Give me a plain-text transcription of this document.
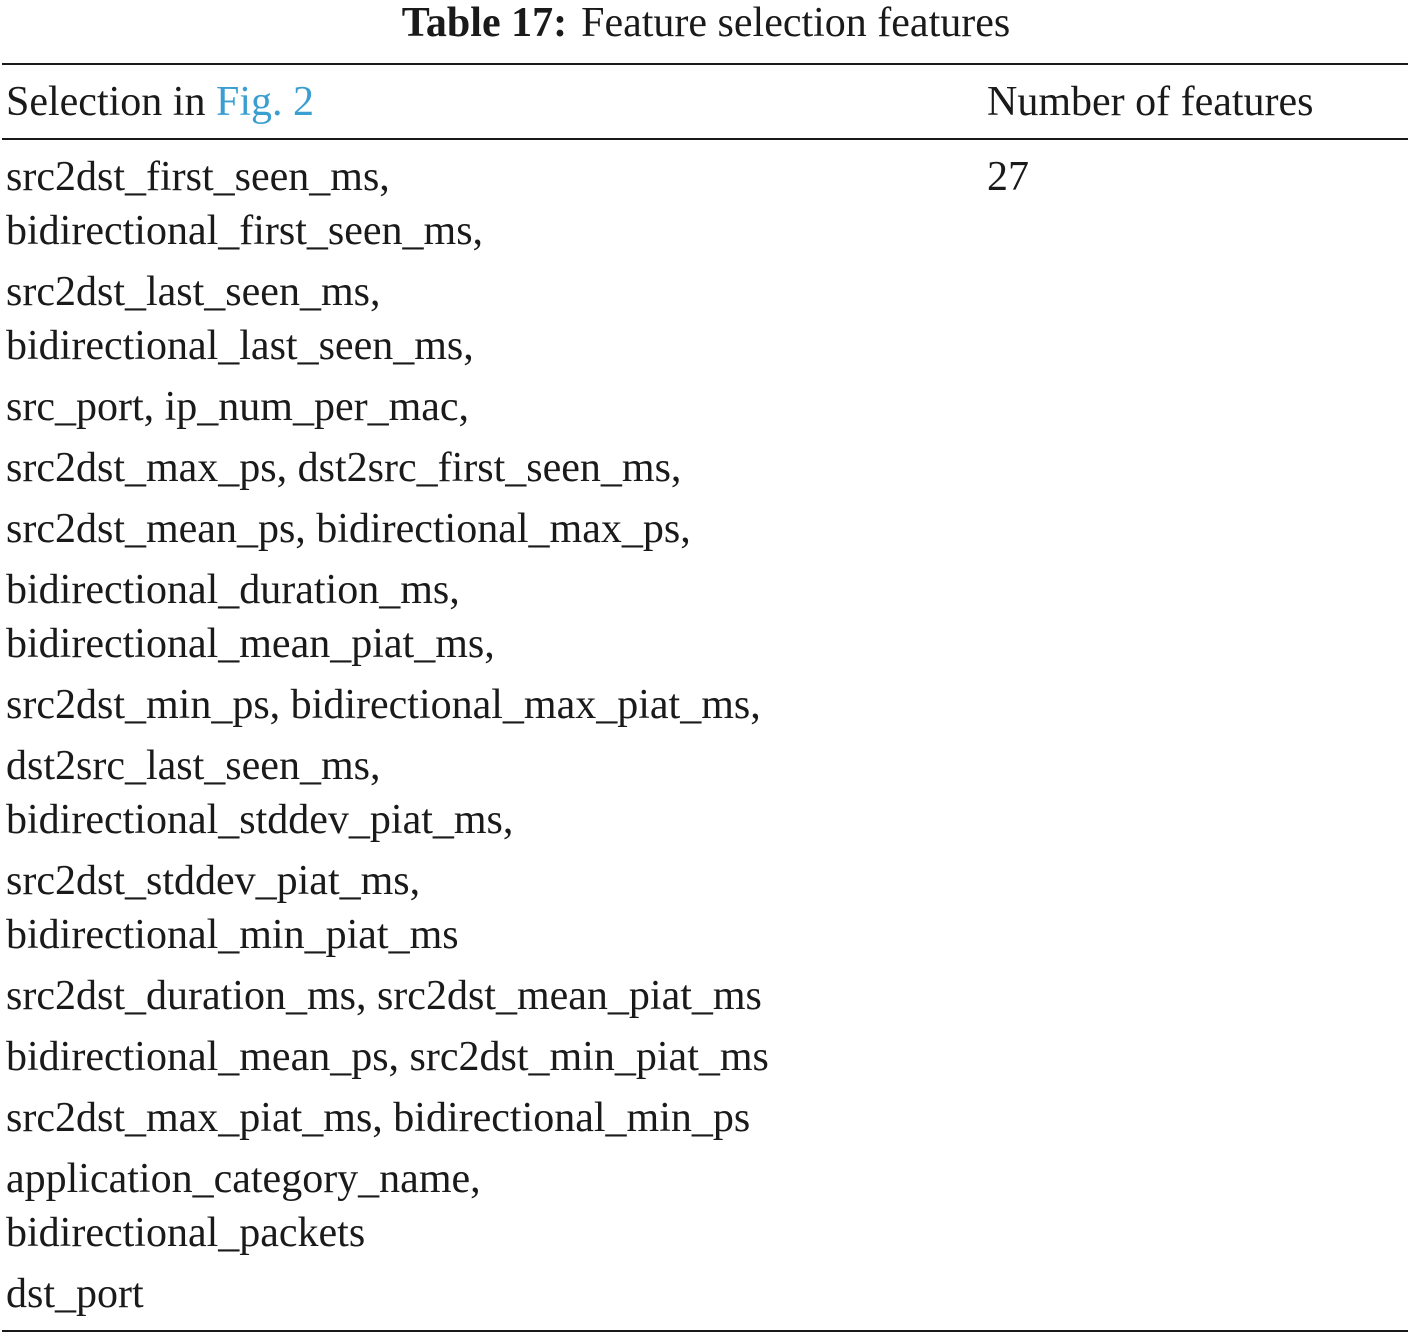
Table 17: Feature selection features
Selection in Fig. 2	Number of features
src2dst_first_seen_ms,
bidirectional_first_seen_ms,
src2dst_last_seen_ms,
bidirectional_last_seen_ms,
src_port, ip_num_per_mac,
src2dst_max_ps, dst2src_first_seen_ms,
src2dst_mean_ps, bidirectional_max_ps,
bidirectional_duration_ms,
bidirectional_mean_piat_ms,
src2dst_min_ps, bidirectional_max_piat_ms,
dst2src_last_seen_ms,
bidirectional_stddev_piat_ms,
src2dst_stddev_piat_ms,
bidirectional_min_piat_ms
src2dst_duration_ms, src2dst_mean_piat_ms
bidirectional_mean_ps, src2dst_min_piat_ms
src2dst_max_piat_ms, bidirectional_min_ps
application_category_name,
bidirectional_packets
dst_port
27
